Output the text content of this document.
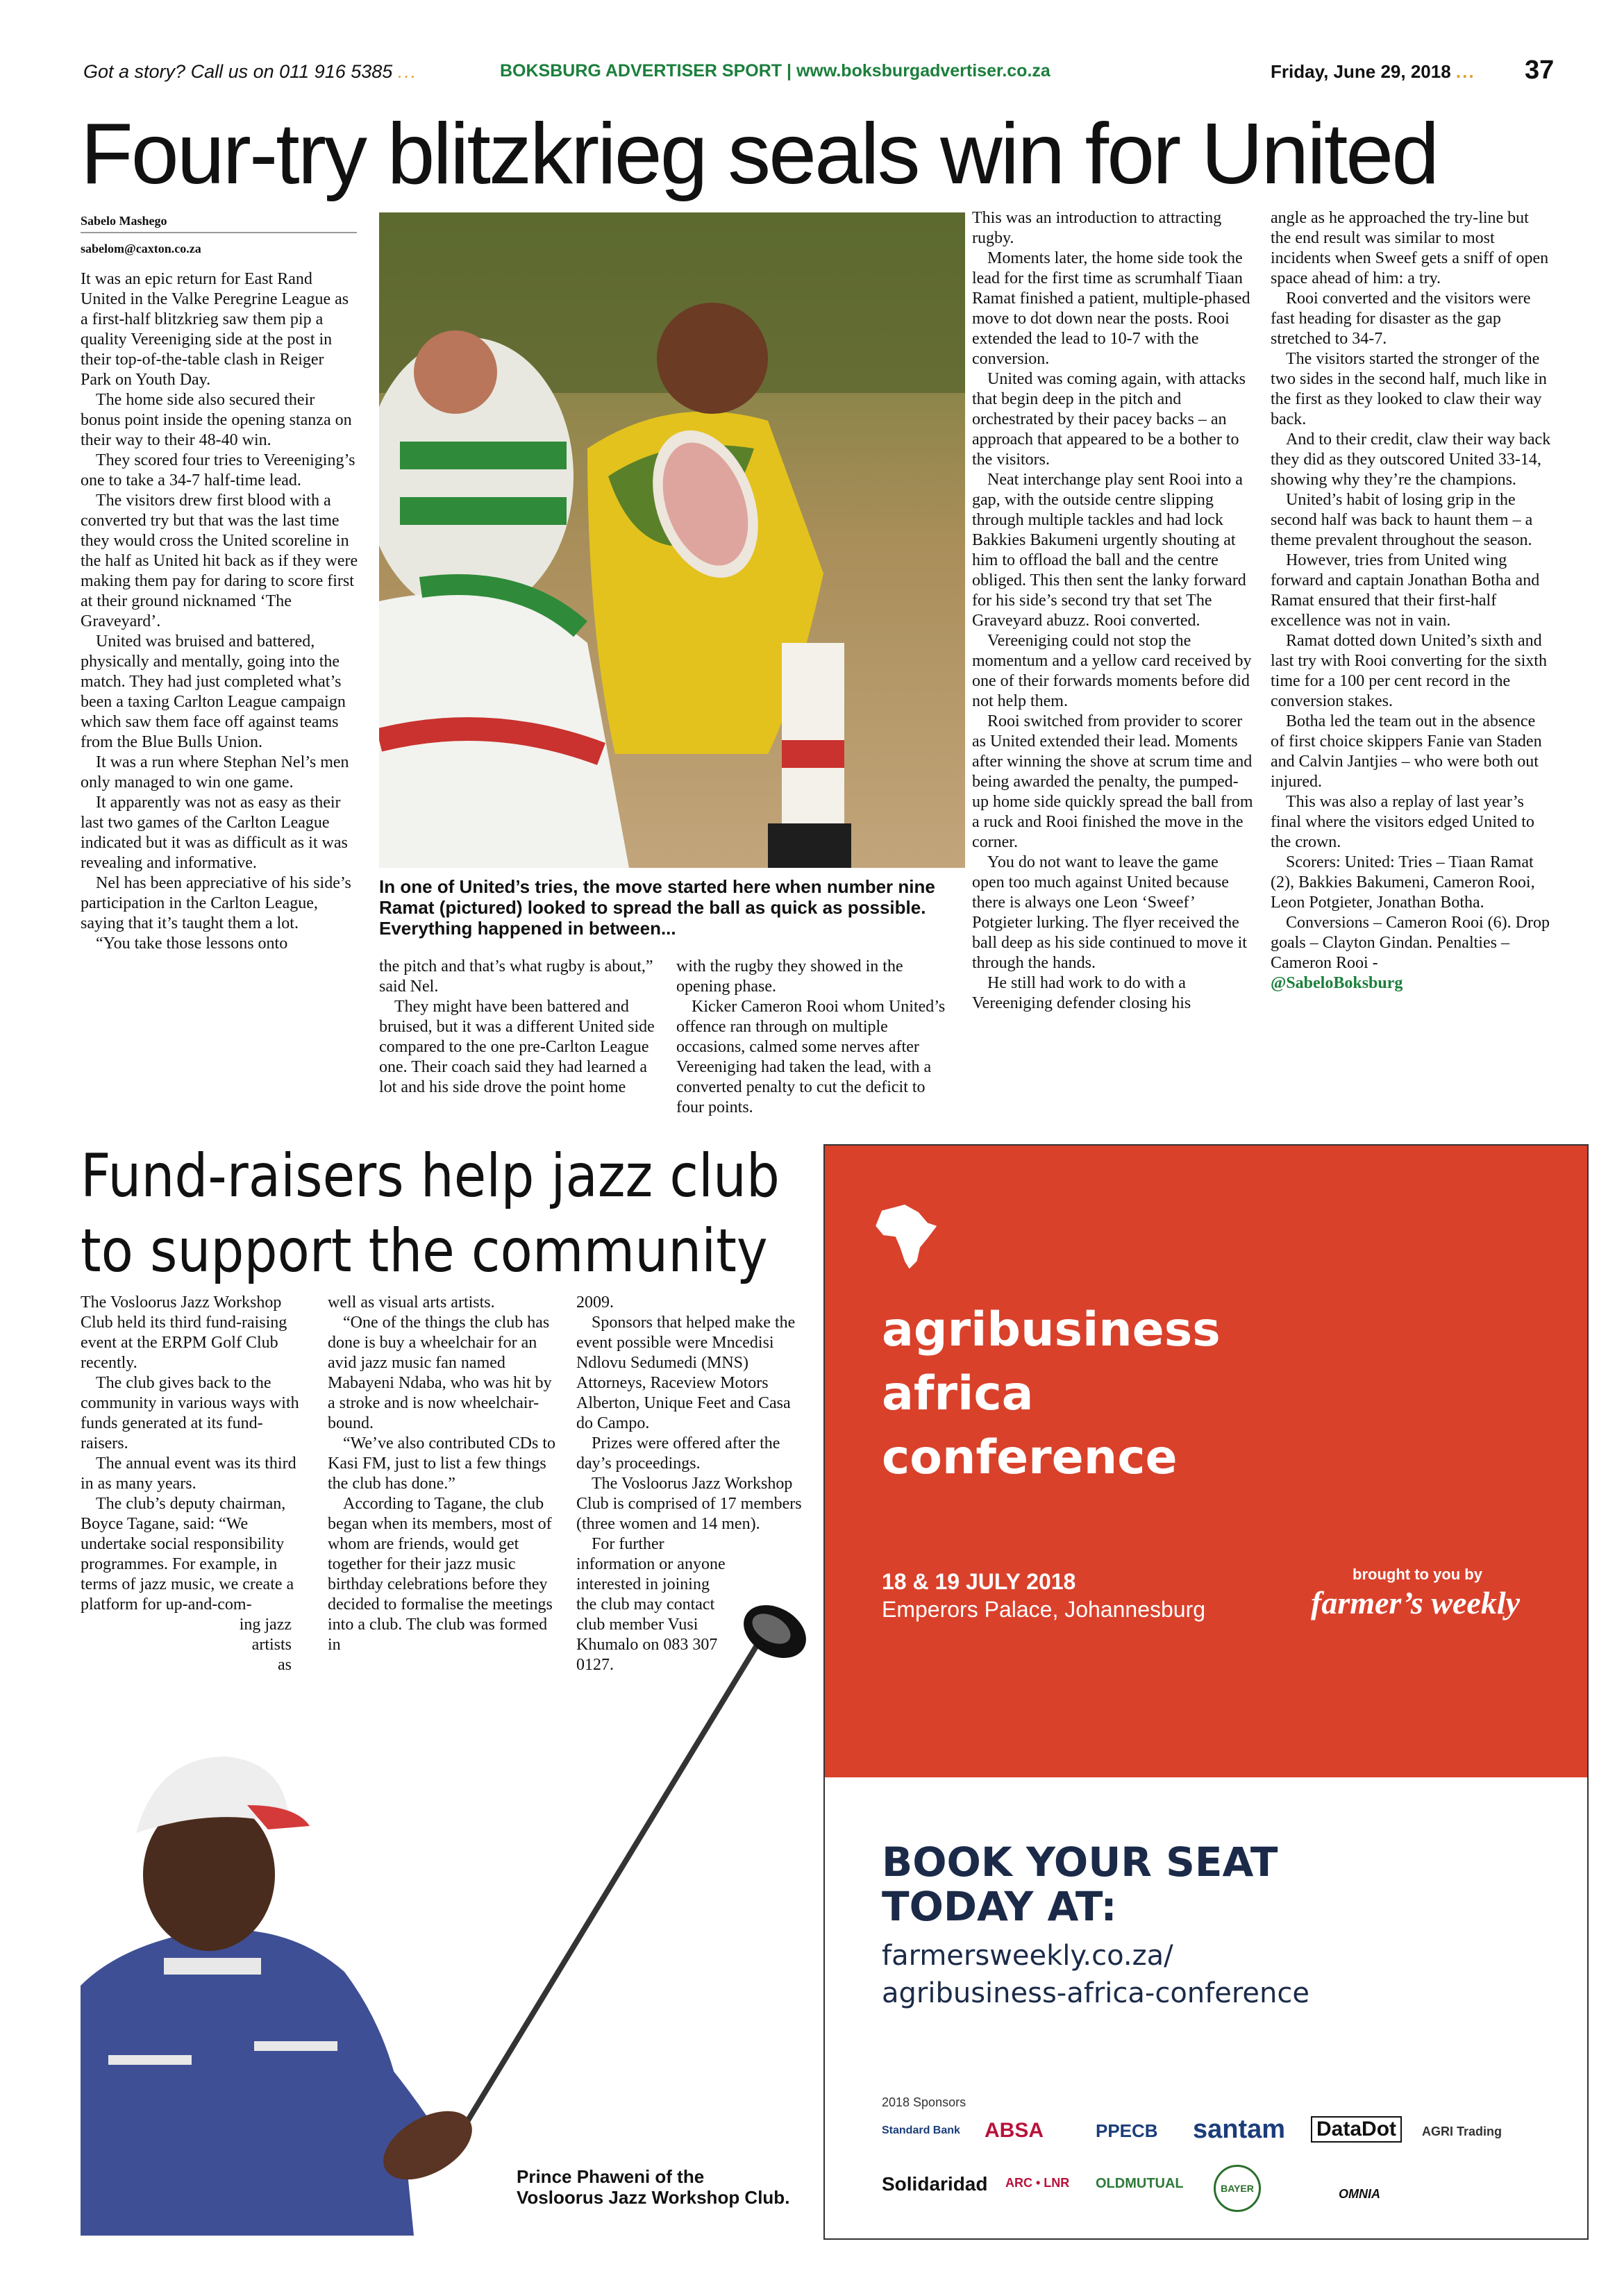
Got a story? Call us on 011 916 5385 ...	BOKSBURG ADVERTISER SPORT | www.boksburgadvertiser.co.za	Friday, June 29, 2018 ... 37
Four-try blitzkrieg seals win for United
Sabelo Mashego
sabelom@caxton.co.za

It was an epic return for East Rand United in the Valke Peregrine League as a first-half blitzkrieg saw them pip a quality Vereeniging side at the post in their top-of-the-table clash in Reiger Park on Youth Day.

The home side also secured their bonus point inside the opening stanza on their way to their 48-40 win.

They scored four tries to Vereeniging’s one to take a 34-7 half-time lead.

The visitors drew first blood with a converted try but that was the last time they would cross the United scoreline in the half as United hit back as if they were making them pay for daring to score first at their ground nicknamed ‘The Graveyard’.

United was bruised and battered, physically and mentally, going into the match. They had just completed what’s been a taxing Carlton League campaign which saw them face off against teams from the Blue Bulls Union.

It was a run where Stephan Nel’s men only managed to win one game.

It apparently was not as easy as their last two games of the Carlton League indicated but it was as difficult as it was revealing and informative.

Nel has been appreciative of his side’s participation in the Carlton League, saying that it’s taught them a lot.

“You take those lessons onto

In one of United’s tries, the move started here when number nine Ramat (pictured) looked to spread the ball as quick as possible. Everything happened in between...

the pitch and that’s what rugby is about,” said Nel.

They might have been battered and bruised, but it was a different United side compared to the one pre-Carlton League one. Their coach said they had learned a lot and his side drove the point home

with the rugby they showed in the opening phase.

Kicker Cameron Rooi whom United’s offence ran through on multiple occasions, calmed some nerves after Vereeniging had taken the lead, with a converted penalty to cut the deficit to four points.

This was an introduction to attracting rugby.

Moments later, the home side took the lead for the first time as scrumhalf Tiaan Ramat finished a patient, multiple-phased move to dot down near the posts. Rooi extended the lead to 10-7 with the conversion.

United was coming again, with attacks that begin deep in the pitch and orchestrated by their pacey backs – an approach that appeared to be a bother to the visitors.

Neat interchange play sent Rooi into a gap, with the outside centre slipping through multiple tackles and had lock Bakkies Bakumeni urgently shouting at him to offload the ball and the centre obliged. This then sent the lanky forward for his side’s second try that set The Graveyard abuzz. Rooi converted.

Vereeniging could not stop the momentum and a yellow card received by one of their forwards moments before did not help them.

Rooi switched from provider to scorer as United extended their lead. Moments after winning the shove at scrum time and being awarded the penalty, the pumped-up home side quickly spread the ball from a ruck and Rooi finished the move in the corner.

You do not want to leave the game open too much against United because there is always one Leon ‘Sweef’ Potgieter lurking. The flyer received the ball deep as his side continued to move it through the hands.

He still had work to do with a Vereeniging defender closing his

angle as he approached the try-line but the end result was similar to most incidents when Sweef gets a sniff of open space ahead of him: a try.

Rooi converted and the visitors were fast heading for disaster as the gap stretched to 34-7.

The visitors started the stronger of the two sides in the second half, much like in the first as they looked to claw their way back.

And to their credit, claw their way back they did as they outscored United 33-14, showing why they’re the champions.

United’s habit of losing grip in the second half was back to haunt them – a theme prevalent throughout the season.

However, tries from United wing forward and captain Jonathan Botha and Ramat ensured that their first-half excellence was not in vain.

Ramat dotted down United’s sixth and last try with Rooi converting for the sixth time for a 100 per cent record in the conversion stakes.

Botha led the team out in the absence of first choice skippers Fanie van Staden and Calvin Jantjies – who were both out injured.

This was also a replay of last year’s final where the visitors edged United to the crown.

Scorers: United: Tries – Tiaan Ramat (2), Bakkies Bakumeni, Cameron Rooi, Leon Potgieter, Jonathan Botha.

Conversions – Cameron Rooi (6). Drop goals – Clayton Gindan. Penalties – Cameron Rooi -

@SabeloBoksburg

Fund-raisers help jazz club
to support the community

The Vosloorus Jazz Workshop Club held its third fund-raising event at the ERPM Golf Club recently.

The club gives back to the community in various ways with funds generated at its fund-raisers.

The annual event was its third in as many years.

The club’s deputy chairman, Boyce Tagane, said: “We undertake social responsibility programmes. For example, in terms of jazz music, we create a platform for up-and-com-

ing jazz

artists

as

well as visual arts artists.

“One of the things the club has done is buy a wheelchair for an avid jazz music fan named Mabayeni Ndaba, who was hit by a stroke and is now wheelchair-bound.

“We’ve also contributed CDs to Kasi FM, just to list a few things the club has done.”

According to Tagane, the club began when its members, most of whom are friends, would get together for their jazz music birthday celebrations before they decided to formalise the meetings into a club. The club was formed in

2009.

Sponsors that helped make the event possible were Mncedisi Ndlovu Sedumedi (MNS) Attorneys, Raceview Motors Alberton, Unique Feet and Casa do Campo.

Prizes were offered after the day’s proceedings.

The Vosloorus Jazz Workshop Club is comprised of 17 members (three women and 14 men).

For further information or anyone interested in joining the club may contact club member Vusi Khumalo on 083 307 0127.

Prince Phaweni of the Vosloorus Jazz Workshop Club.
agribusiness
africa
conference
18 & 19 JULY 2018
Emperors Palace, Johannesburg
brought to you by
farmer’s weekly
BOOK YOUR SEAT
TODAY AT:
farmersweekly.co.za/
agribusiness-africa-conference
2018 Sponsors
Standard Bank ABSA	PPECB santam DataDot	AGRI Trading
Solidaridad ARC • LNR OLDMUTUAL	BAYER	OMNIA
